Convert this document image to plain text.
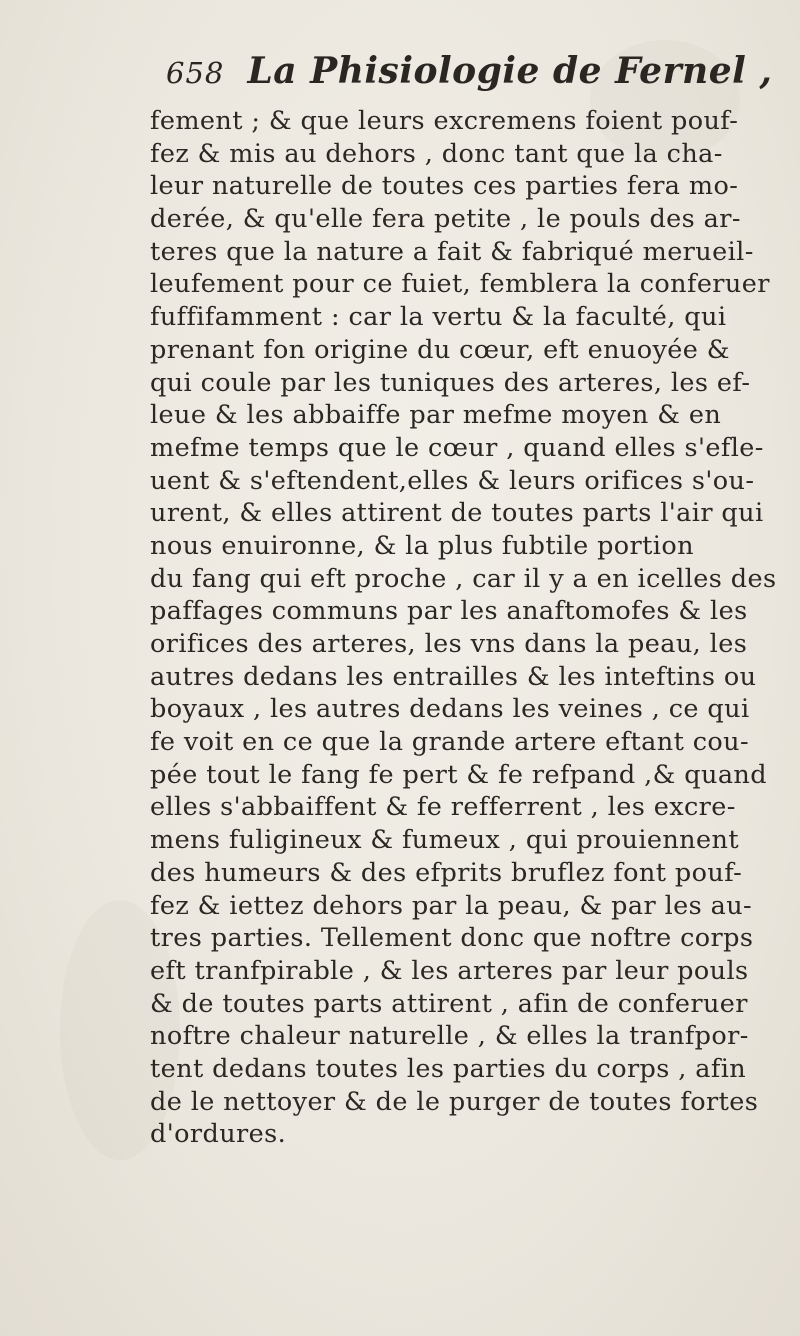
658 La Phisiologie de Fernel ,
fement ; & que leurs excremens foient pouf-
fez & mis au dehors , donc tant que la cha-
leur naturelle de toutes ces parties fera mo-
derée, & qu'elle fera petite , le pouls des ar-
teres que la nature a fait & fabriqué merueil-
leufement pour ce fuiet, femblera la conferuer
fuffifamment : car la vertu & la faculté, qui
prenant fon origine du cœur, eft enuoyée &
qui coule par les tuniques des arteres, les ef-
leue & les abbaiffe par mefme moyen & en
mefme temps que le cœur , quand elles s'efle-
uent & s'eftendent,elles & leurs orifices s'ou-
urent, & elles attirent de toutes parts l'air qui
nous enuironne, & la plus fubtile portion
du fang qui eft proche , car il y a en icelles des
paffages communs par les anaftomofes & les
orifices des arteres, les vns dans la peau, les
autres dedans les entrailles & les inteftins ou
boyaux , les autres dedans les veines , ce qui
fe voit en ce que la grande artere eftant cou-
pée tout le fang fe pert & fe refpand ,& quand
elles s'abbaiffent & fe refferrent , les excre-
mens fuligineux & fumeux , qui prouiennent
des humeurs & des efprits bruflez font pouf-
fez & iettez dehors par la peau, & par les au-
tres parties. Tellement donc que noftre corps
eft tranfpirable , & les arteres par leur pouls
& de toutes parts attirent , afin de conferuer
noftre chaleur naturelle , & elles la tranfpor-
tent dedans toutes les parties du corps , afin
de le nettoyer & de le purger de toutes fortes
d'ordures.
